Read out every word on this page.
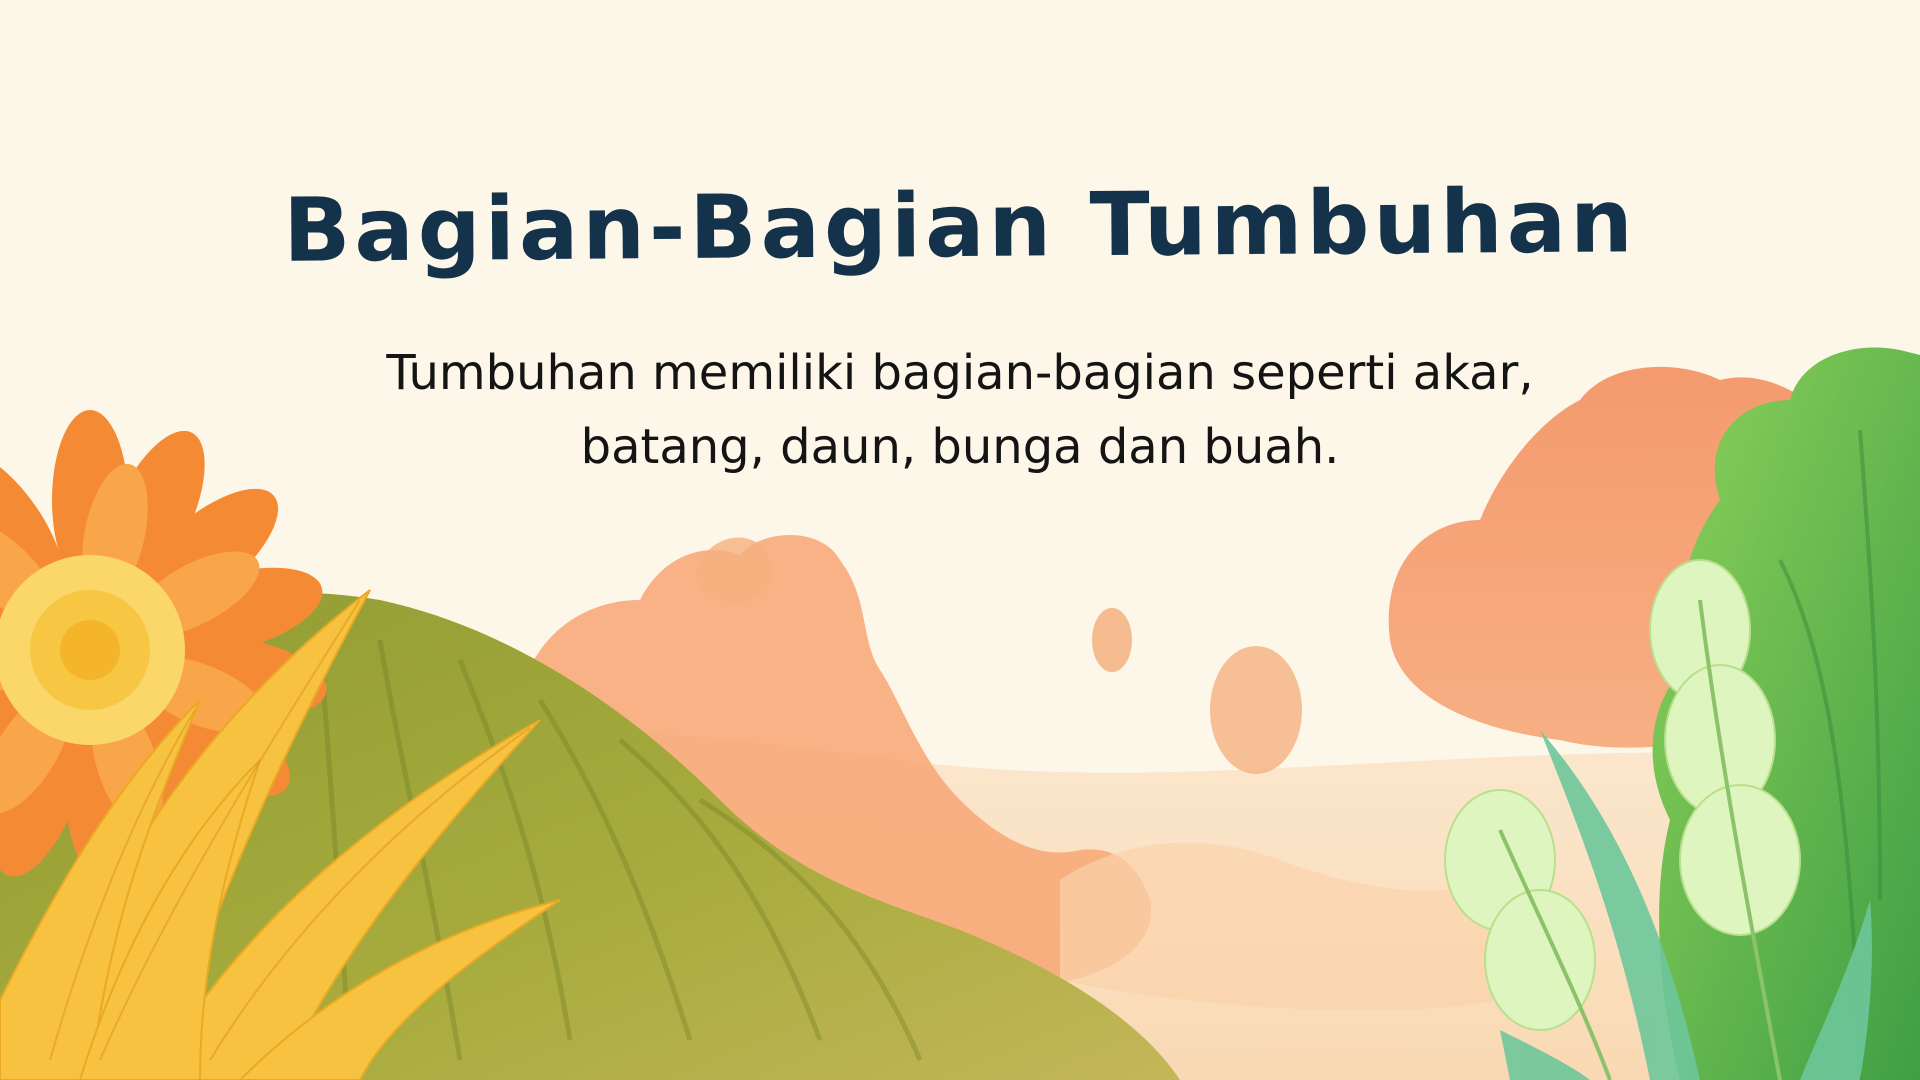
Bagian-Bagian Tumbuhan

Tumbuhan memiliki bagian-bagian seperti akar, batang, daun, bunga dan buah.
